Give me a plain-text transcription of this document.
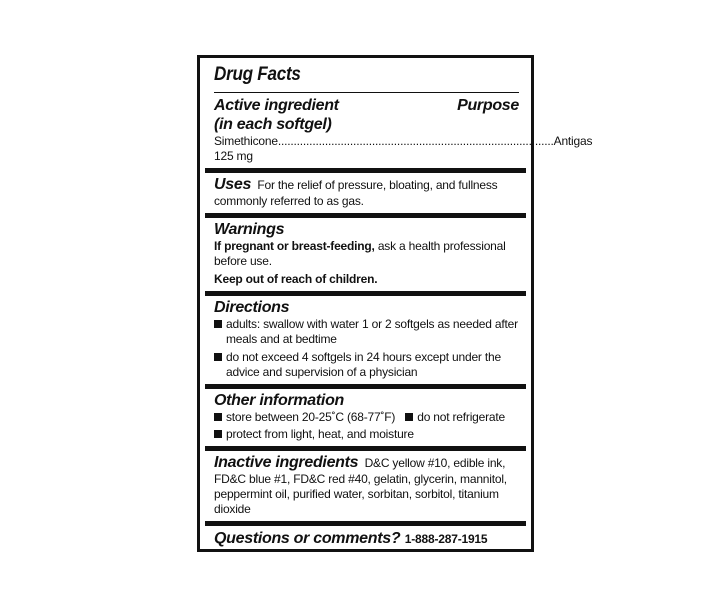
Drug Facts
Active ingredient	Purpose
(in each softgel)
Simethicone 125 mg
........................................................................................ Antigas
Uses For the relief of pressure, bloating, and fullness commonly referred to as gas.
Warnings
If pregnant or breast-feeding, ask a health professional before use.
Keep out of reach of children.
Directions
adults: swallow with water 1 or 2 softgels as needed after meals and at bedtime
do not exceed 4 softgels in 24 hours except under the advice and supervision of a physician
Other information
store between 20-25˚C (68-77˚F) do not refrigerate
protect from light, heat, and moisture
Inactive ingredients D&C yellow #10, edible ink, FD&C blue #1, FD&C red #40, gelatin, glycerin, mannitol, peppermint oil, purified water, sorbitan, sorbitol, titanium dioxide
Questions or comments? 1-888-287-1915
